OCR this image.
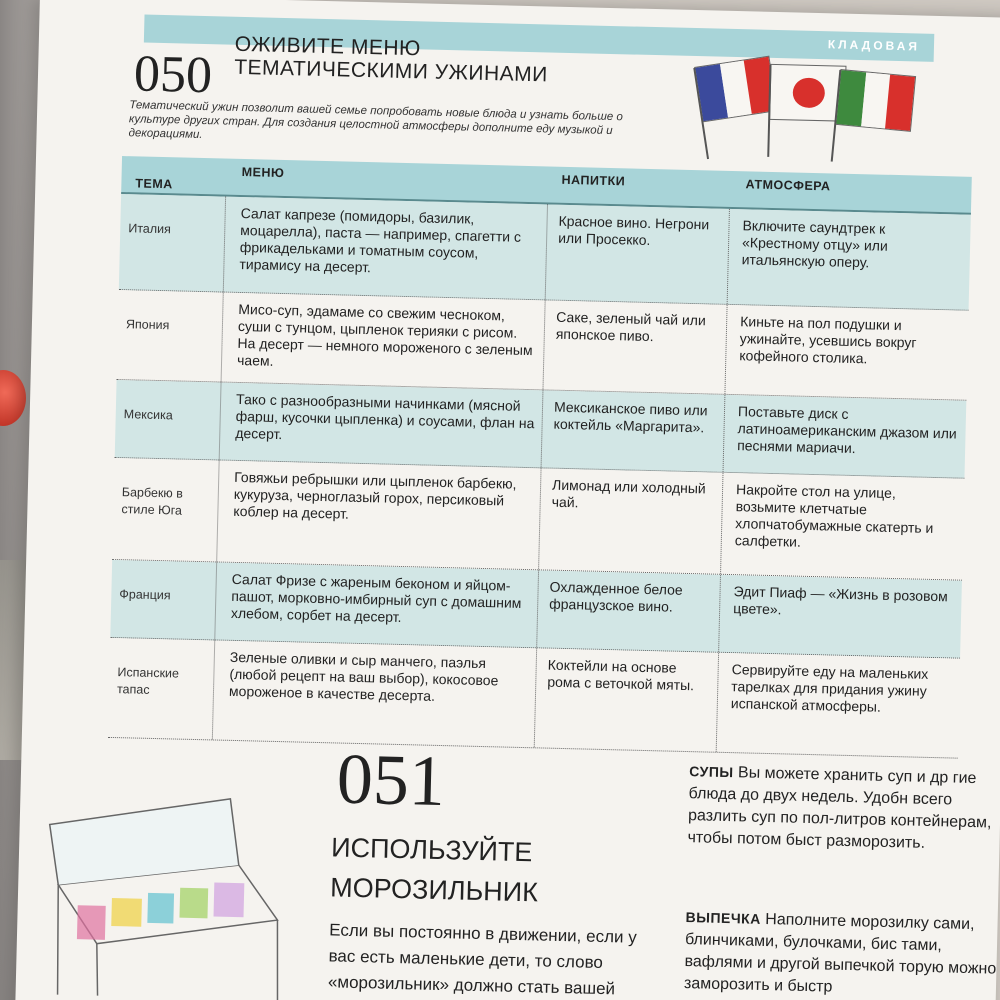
КЛАДОВАЯ
050 ОЖИВИТЕ МЕНЮ
ТЕМАТИЧЕСКИМИ УЖИНАМИ
Тематический ужин позволит вашей семье попробовать новые блюда и узнать больше о культуре других стран. Для создания целостной атмосферы дополните еду музыкой и декорациями.
ТЕМА
МЕНЮ
НАПИТКИ	АТМОСФЕРА
Италия
Салат капрезе (помидоры, базилик, моцарелла), паста — например, спагетти с фрикадельками и томатным соусом, тирамису на десерт.
Красное вино. Негрони или Просекко.
Включите саундтрек к «Крестному отцу» или итальянскую оперу.
Япония
Мисо-суп, эдамаме со свежим чесноком, суши с тунцом, цыпленок терияки с рисом. На десерт — немного мороженого с зеленым чаем.
Саке, зеленый чай или японское пиво.
Киньте на пол подушки и ужинайте, усевшись вокруг кофейного столика.
Мексика
Тако с разнообразными начинками (мясной фарш, кусочки цыпленка) и соусами, флан на десерт.
Мексиканское пиво или коктейль «Маргарита».
Поставьте диск с латиноамериканским джазом или песнями мариачи.
Барбекю в стиле Юга
Говяжьи ребрышки или цыпленок барбекю, кукуруза, черноглазый горох, персиковый коблер на десерт.
Лимонад или холодный чай.
Накройте стол на улице, возьмите клетчатые хлопчатобумажные скатерть и салфетки.
Франция
Салат Фризе с жареным беконом и яйцом-пашот, морковно-имбирный суп с домашним хлебом, сорбет на десерт.
Охлажденное белое французское вино.
Эдит Пиаф — «Жизнь в розовом цвете».
Испанские тапас
Зеленые оливки и сыр манчего, паэлья (любой рецепт на ваш выбор), кокосовое мороженое в качестве десерта.
Коктейли на основе рома с веточкой мяты.
Сервируйте еду на маленьких тарелках для придания ужину испанской атмосферы.
051
ИСПОЛЬЗУЙТЕ
МОРОЗИЛЬНИК
Если вы постоянно в движении, если у вас есть маленькие дети, то слово «морозильник» должно стать вашей
СУПЫ Вы можете хранить суп и др гие блюда до двух недель. Удобн всего разлить суп по пол-литров контейнерам, чтобы потом быст разморозить.
ВЫПЕЧКА Наполните морозилку сами, блинчиками, булочками, бис тами, вафлями и другой выпечкой торую можно заморозить и быстр
